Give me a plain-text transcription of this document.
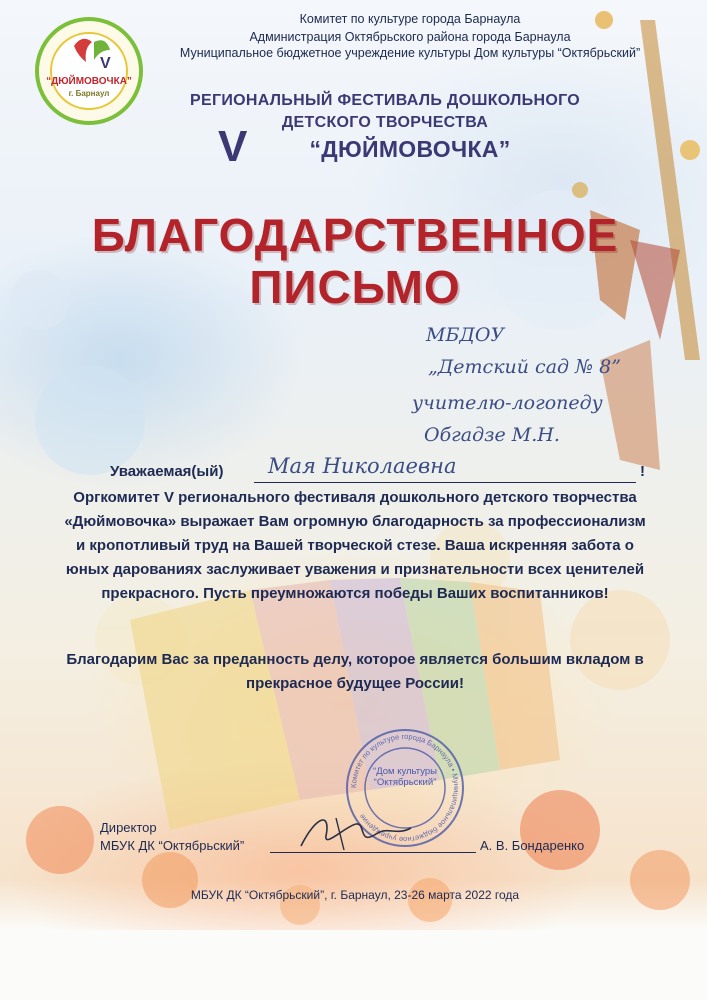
V
“ДЮЙМОВОЧКА”
г. Барнаул
Комитет по культуре города Барнаула
Администрация Октябрьского района города Барнаула
Муниципальное бюджетное учреждение культуры Дом культуры “Октябрьский”
РЕГИОНАЛЬНЫЙ ФЕСТИВАЛЬ ДОШКОЛЬНОГО
ДЕТСКОГО ТВОРЧЕСТВА
V	“ДЮЙМОВОЧКА”
БЛАГОДАРСТВЕННОЕ
ПИСЬМО
МБДОУ
„Детский сад № 8”
учителю-логопеду
Обгадзе М.Н.
Уважаемая(ый) Мая Николаевна	!
Оргкомитет V регионального фестиваля дошкольного детского творчества «Дюймовочка» выражает Вам огромную благодарность за профессионализм и кропотливый труд на Вашей творческой стезе. Ваша искренняя забота о юных дарованиях заслуживает уважения и признательности всех ценителей прекрасного. Пусть преумножаются победы Ваших воспитанников!
Благодарим Вас за преданность делу, которое является большим вкладом в прекрасное будущее России!
Комитет по культуре города Барнаула • Муниципальное бюджетное учреждение
“Дом культуры “Октябрьский”
Директор
МБУК ДК “Октябрьский”	А. В. Бондаренко
МБУК ДК “Октябрьский”, г. Барнаул, 23-26 марта 2022 года
